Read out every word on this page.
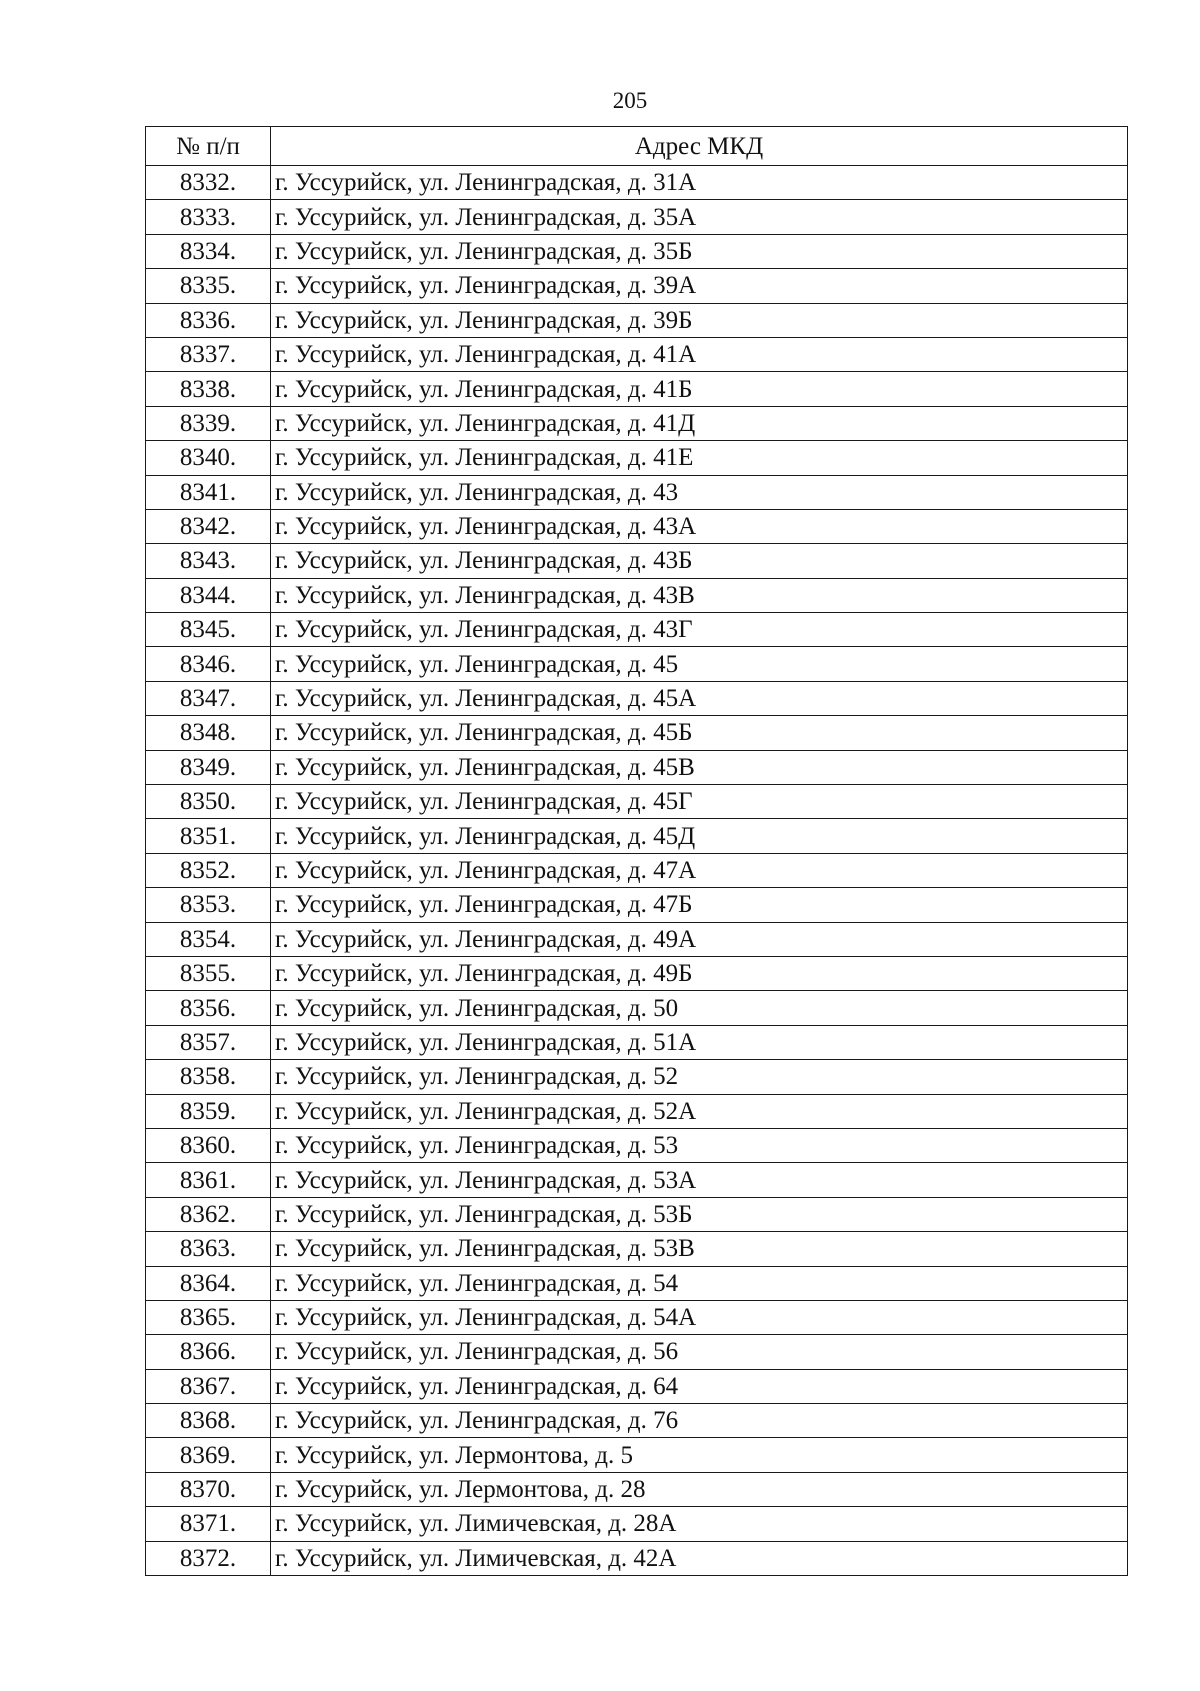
205
№ п/п	Адрес МКД
8332.	г. Уссурийск, ул. Ленинградская, д. 31А
8333.	г. Уссурийск, ул. Ленинградская, д. 35А
8334.	г. Уссурийск, ул. Ленинградская, д. 35Б
8335.	г. Уссурийск, ул. Ленинградская, д. 39А
8336.	г. Уссурийск, ул. Ленинградская, д. 39Б
8337.	г. Уссурийск, ул. Ленинградская, д. 41А
8338.	г. Уссурийск, ул. Ленинградская, д. 41Б
8339.	г. Уссурийск, ул. Ленинградская, д. 41Д
8340.	г. Уссурийск, ул. Ленинградская, д. 41Е
8341.	г. Уссурийск, ул. Ленинградская, д. 43
8342.	г. Уссурийск, ул. Ленинградская, д. 43А
8343.	г. Уссурийск, ул. Ленинградская, д. 43Б
8344.	г. Уссурийск, ул. Ленинградская, д. 43В
8345.	г. Уссурийск, ул. Ленинградская, д. 43Г
8346.	г. Уссурийск, ул. Ленинградская, д. 45
8347.	г. Уссурийск, ул. Ленинградская, д. 45А
8348.	г. Уссурийск, ул. Ленинградская, д. 45Б
8349.	г. Уссурийск, ул. Ленинградская, д. 45В
8350.	г. Уссурийск, ул. Ленинградская, д. 45Г
8351.	г. Уссурийск, ул. Ленинградская, д. 45Д
8352.	г. Уссурийск, ул. Ленинградская, д. 47А
8353.	г. Уссурийск, ул. Ленинградская, д. 47Б
8354.	г. Уссурийск, ул. Ленинградская, д. 49А
8355.	г. Уссурийск, ул. Ленинградская, д. 49Б
8356.	г. Уссурийск, ул. Ленинградская, д. 50
8357.	г. Уссурийск, ул. Ленинградская, д. 51А
8358.	г. Уссурийск, ул. Ленинградская, д. 52
8359.	г. Уссурийск, ул. Ленинградская, д. 52А
8360.	г. Уссурийск, ул. Ленинградская, д. 53
8361.	г. Уссурийск, ул. Ленинградская, д. 53А
8362.	г. Уссурийск, ул. Ленинградская, д. 53Б
8363.	г. Уссурийск, ул. Ленинградская, д. 53В
8364.	г. Уссурийск, ул. Ленинградская, д. 54
8365.	г. Уссурийск, ул. Ленинградская, д. 54А
8366.	г. Уссурийск, ул. Ленинградская, д. 56
8367.	г. Уссурийск, ул. Ленинградская, д. 64
8368.	г. Уссурийск, ул. Ленинградская, д. 76
8369.	г. Уссурийск, ул. Лермонтова, д. 5
8370.	г. Уссурийск, ул. Лермонтова, д. 28
8371.	г. Уссурийск, ул. Лимичевская, д. 28А
8372.	г. Уссурийск, ул. Лимичевская, д. 42А
